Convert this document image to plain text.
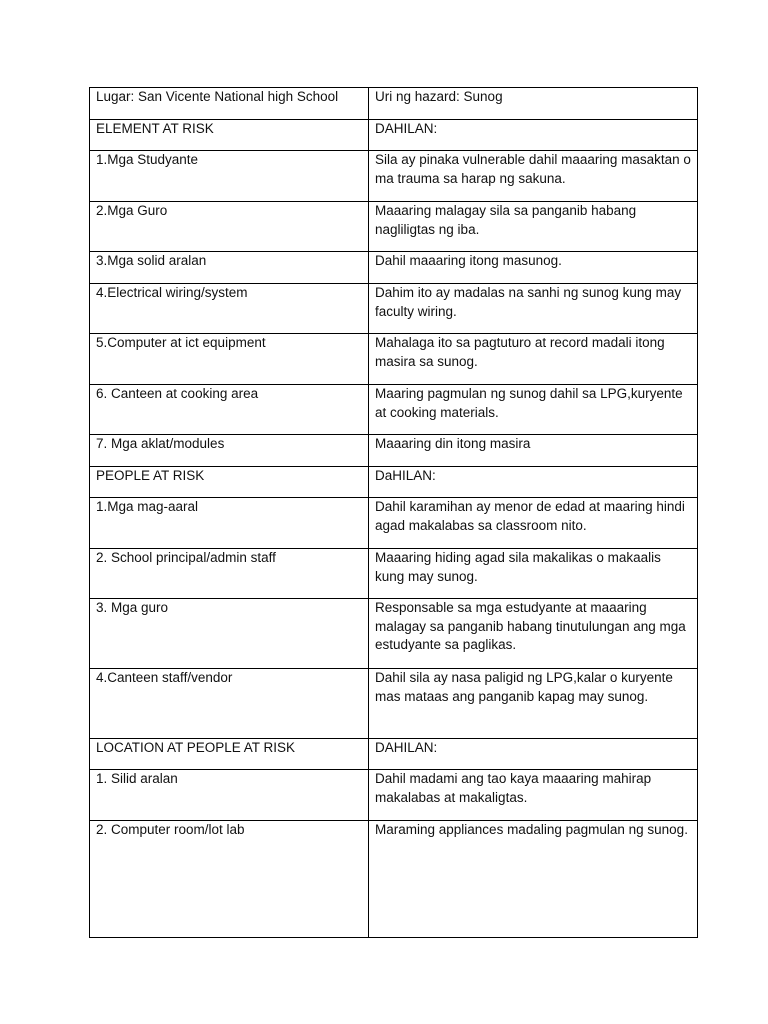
Lugar: San Vicente National high School	Uri ng hazard: Sunog

ELEMENT AT RISK	DAHILAN:

1.Mga Studyante	Sila ay pinaka vulnerable dahil maaaring masaktan o ma trauma sa harap ng sakuna.

2.Mga Guro	Maaaring malagay sila sa panganib habang nagliligtas ng iba.

3.Mga solid aralan	Dahil maaaring itong masunog.

4.Electrical wiring/system	Dahim ito ay madalas na sanhi ng sunog kung may faculty wiring.

5.Computer at ict equipment	Mahalaga ito sa pagtuturo at record madali itong masira sa sunog.

6. Canteen at cooking area	Maaring pagmulan ng sunog dahil sa LPG,kuryente at cooking materials.

7. Mga aklat/modules	Maaaring din itong masira

PEOPLE AT RISK	DaHILAN:

1.Mga mag-aaral	Dahil karamihan ay menor de edad at maaring hindi agad makalabas sa classroom nito.

2. School principal/admin staff	Maaaring hiding agad sila makalikas o makaalis kung may sunog.

3. Mga guro	Responsable sa mga estudyante at maaaring malagay sa panganib habang tinutulungan ang mga estudyante sa paglikas.

4.Canteen staff/vendor	Dahil sila ay nasa paligid ng LPG,kalar o kuryente mas mataas ang panganib kapag may sunog.

LOCATION AT PEOPLE AT RISK	DAHILAN:

1. Silid aralan	Dahil madami ang tao kaya maaaring mahirap makalabas at makaligtas.

2. Computer room/lot lab	Maraming appliances madaling pagmulan ng sunog.
